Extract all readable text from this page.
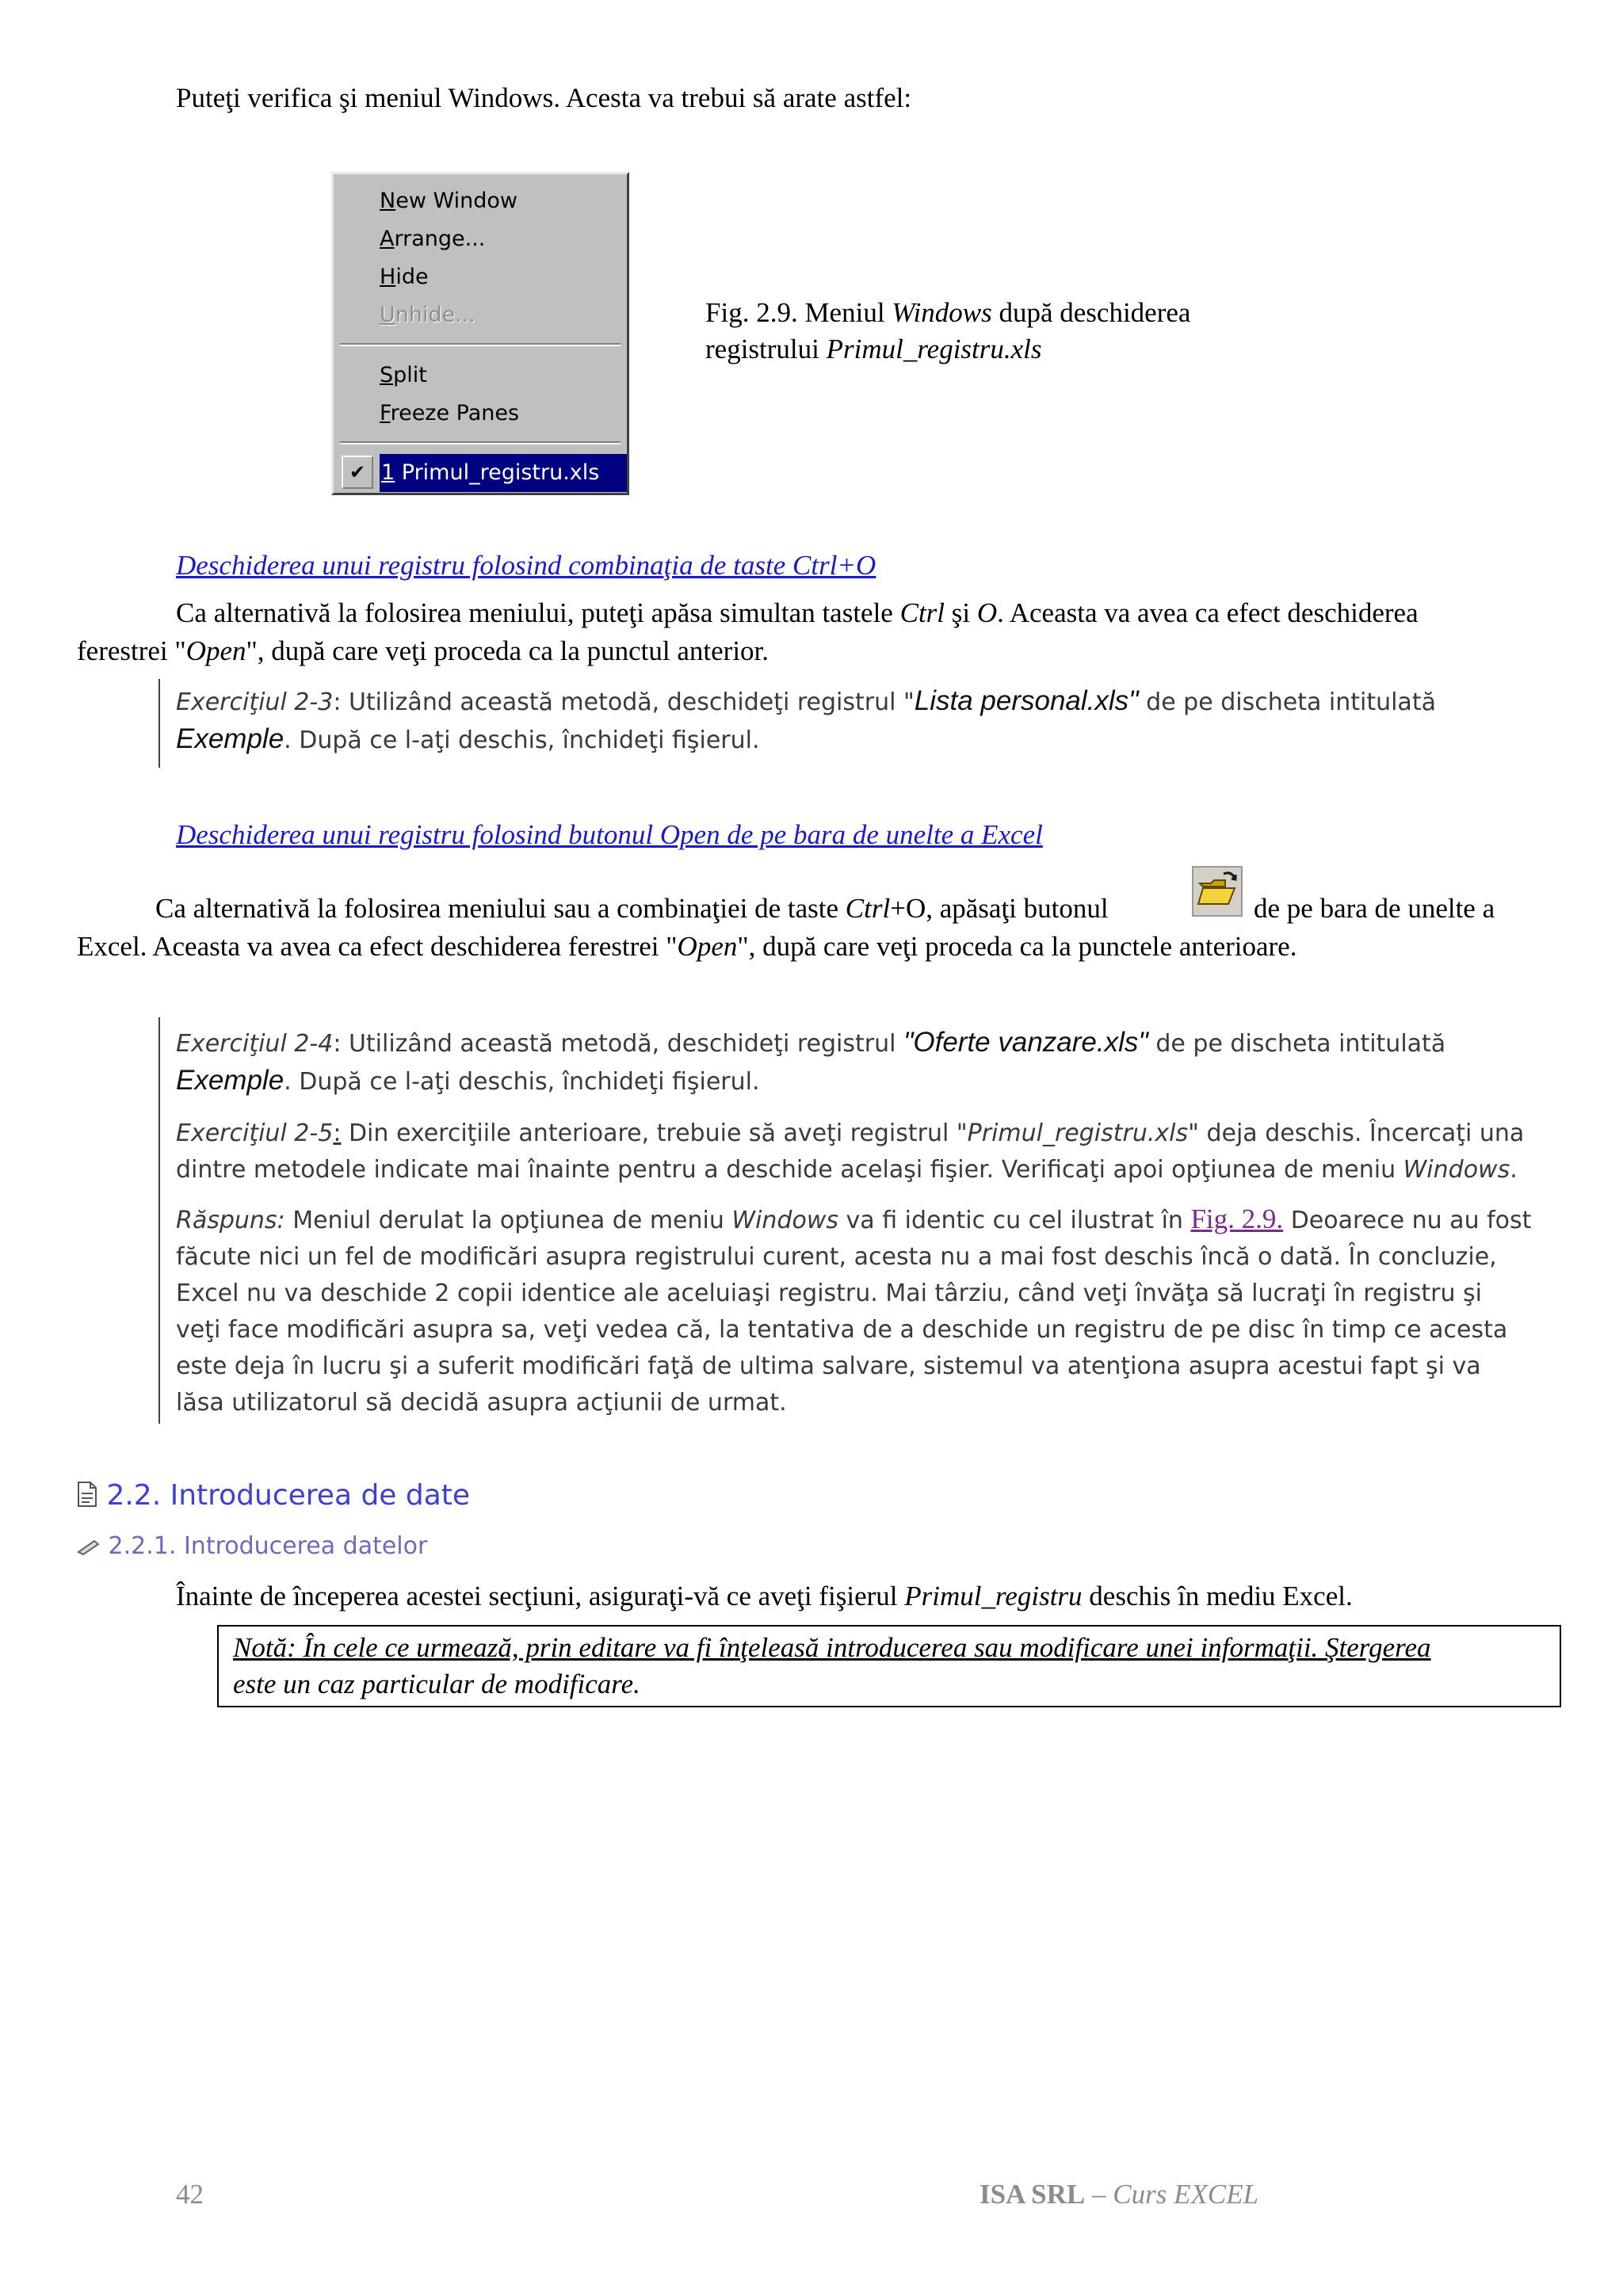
Puteţi verifica şi meniul Windows. Acesta va trebui să arate astfel:
New Window
Arrange...
Hide
Unhide...
Split
Freeze Panes
✔ 1 Primul_registru.xls
Fig. 2.9. Meniul Windows după deschiderea
registrului Primul_registru.xls
Deschiderea unui registru folosind combinaţia de taste Ctrl+O
Ca alternativă la folosirea meniului, puteţi apăsa simultan tastele Ctrl şi O. Aceasta va avea ca efect deschiderea
ferestrei "Open", după care veţi proceda ca la punctul anterior.
Exerciţiul 2-3: Utilizând această metodă, deschideţi registrul "Lista personal.xls" de pe discheta intitulată
Exemple. După ce l-aţi deschis, închideţi fişierul.
Deschiderea unui registru folosind butonul Open de pe bara de unelte a Excel
Ca alternativă la folosirea meniului sau a combinaţiei de taste Ctrl+O, apăsaţi butonul	de pe bara de unelte a
Excel. Aceasta va avea ca efect deschiderea ferestrei "Open", după care veţi proceda ca la punctele anterioare.
Exerciţiul 2-4: Utilizând această metodă, deschideţi registrul "Oferte vanzare.xls" de pe discheta intitulată
Exemple. După ce l-aţi deschis, închideţi fişierul.
Exerciţiul 2-5: Din exerciţiile anterioare, trebuie să aveţi registrul "Primul_registru.xls" deja deschis. Încercaţi una
dintre metodele indicate mai înainte pentru a deschide acelaşi fişier. Verificaţi apoi opţiunea de meniu Windows.
Răspuns: Meniul derulat la opţiunea de meniu Windows va fi identic cu cel ilustrat în Fig. 2.9. Deoarece nu au fost
făcute nici un fel de modificări asupra registrului curent, acesta nu a mai fost deschis încă o dată. În concluzie,
Excel nu va deschide 2 copii identice ale aceluiaşi registru. Mai târziu, când veţi învăţa să lucraţi în registru şi
veţi face modificări asupra sa, veţi vedea că, la tentativa de a deschide un registru de pe disc în timp ce acesta
este deja în lucru şi a suferit modificări faţă de ultima salvare, sistemul va atenţiona asupra acestui fapt şi va
lăsa utilizatorul să decidă asupra acţiunii de urmat.
2.2. Introducerea de date
2.2.1. Introducerea datelor
Înainte de începerea acestei secţiuni, asiguraţi-vă ce aveţi fişierul Primul_registru deschis în mediu Excel.
Notă: În cele ce urmează, prin editare va fi înţeleasă introducerea sau modificare unei informaţii. Ştergerea
este un caz particular de modificare.
42	ISA SRL – Curs EXCEL
